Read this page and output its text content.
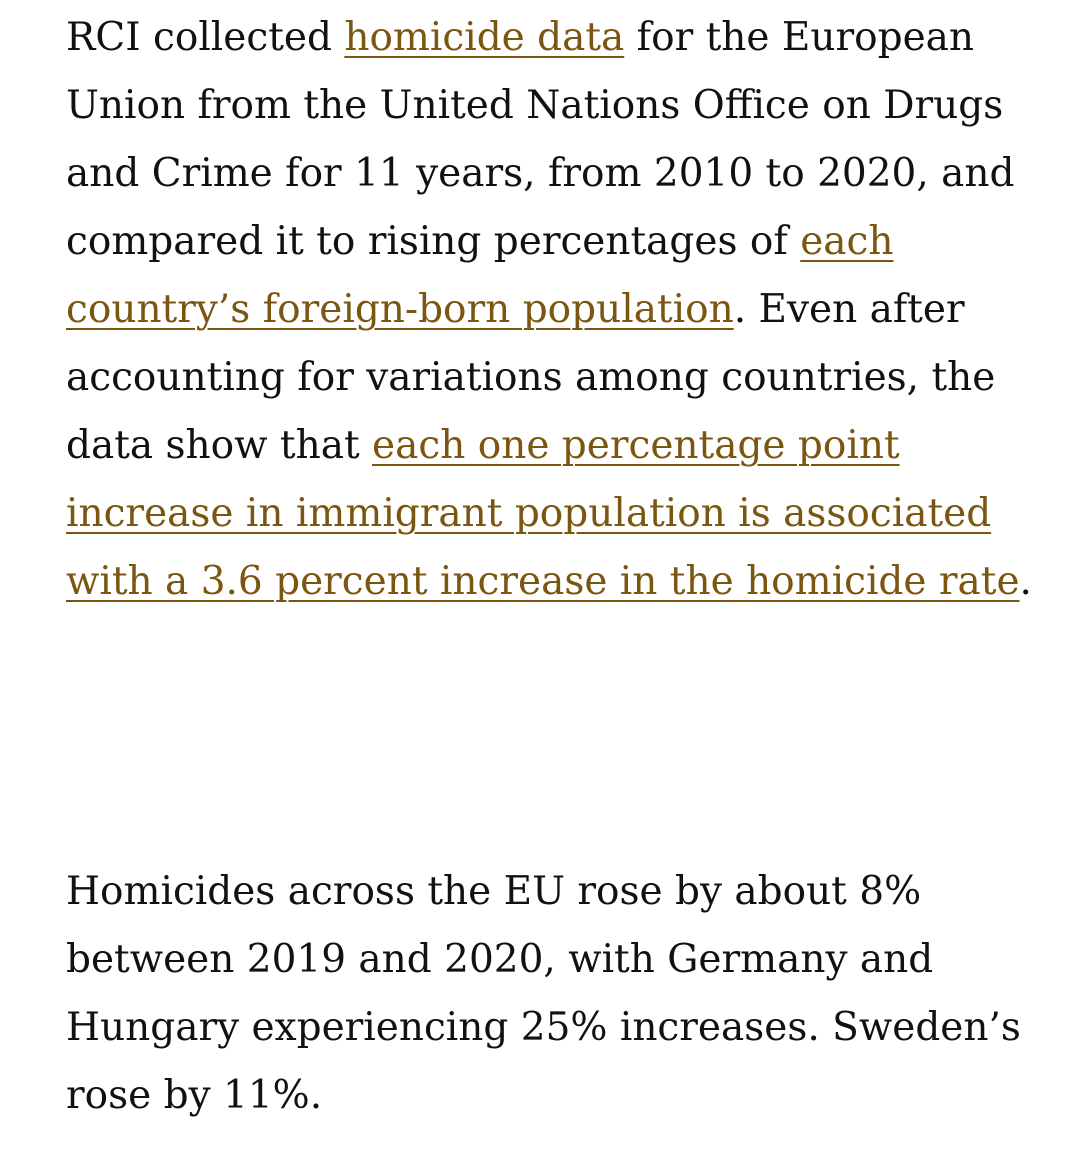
RCI collected homicide data for the European Union from the United Nations Office on Drugs and Crime for 11 years, from 2010 to 2020, and compared it to rising percentages of each country’s foreign-born population. Even after accounting for variations among countries, the data show that each one percentage point increase in immigrant population is associated with a 3.6 percent increase in the homicide rate.

Homicides across the EU rose by about 8% between 2019 and 2020, with Germany and Hungary experiencing 25% increases. Sweden’s rose by 11%.
